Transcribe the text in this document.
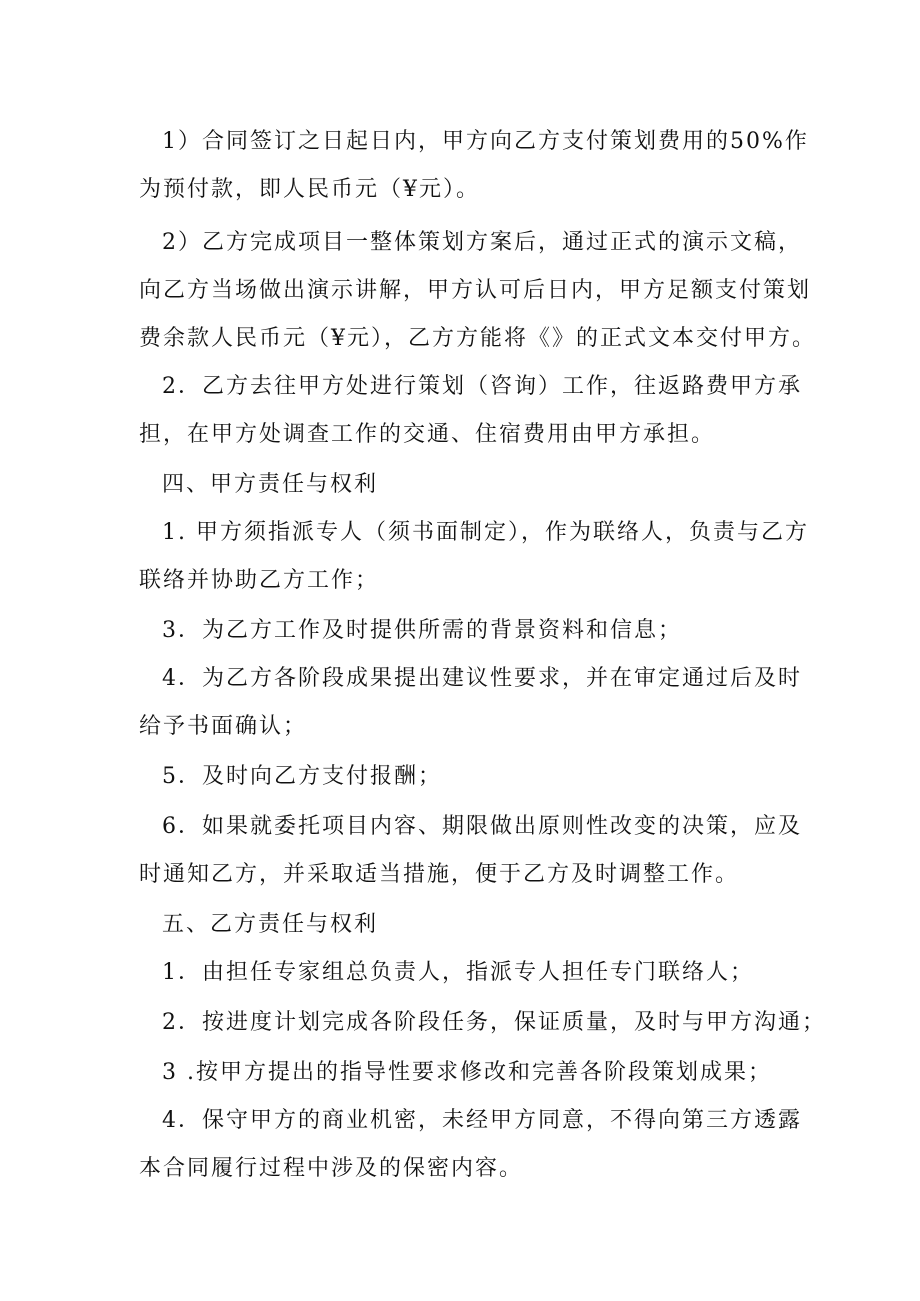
1）合同签订之日起日内，甲方向乙方支付策划费用的50%作
为预付款，即人民币元（¥元）。
2）乙方完成项目一整体策划方案后，通过正式的演示文稿，
向乙方当场做出演示讲解，甲方认可后日内，甲方足额支付策划
费余款人民币元（¥元），乙方方能将《》的正式文本交付甲方。
2．乙方去往甲方处进行策划（咨询）工作，往返路费甲方承
担，在甲方处调查工作的交通、住宿费用由甲方承担。
四、甲方责任与权利
1. 甲方须指派专人（须书面制定），作为联络人，负责与乙方
联络并协助乙方工作；
3．为乙方工作及时提供所需的背景资料和信息；
4．为乙方各阶段成果提出建议性要求，并在审定通过后及时
给予书面确认；
5．及时向乙方支付报酬；
6．如果就委托项目内容、期限做出原则性改变的决策，应及
时通知乙方，并采取适当措施，便于乙方及时调整工作。
五、乙方责任与权利
1．由担任专家组总负责人，指派专人担任专门联络人；
2．按进度计划完成各阶段任务，保证质量，及时与甲方沟通；
3 .按甲方提出的指导性要求修改和完善各阶段策划成果；
4．保守甲方的商业机密，未经甲方同意，不得向第三方透露
本合同履行过程中涉及的保密内容。
